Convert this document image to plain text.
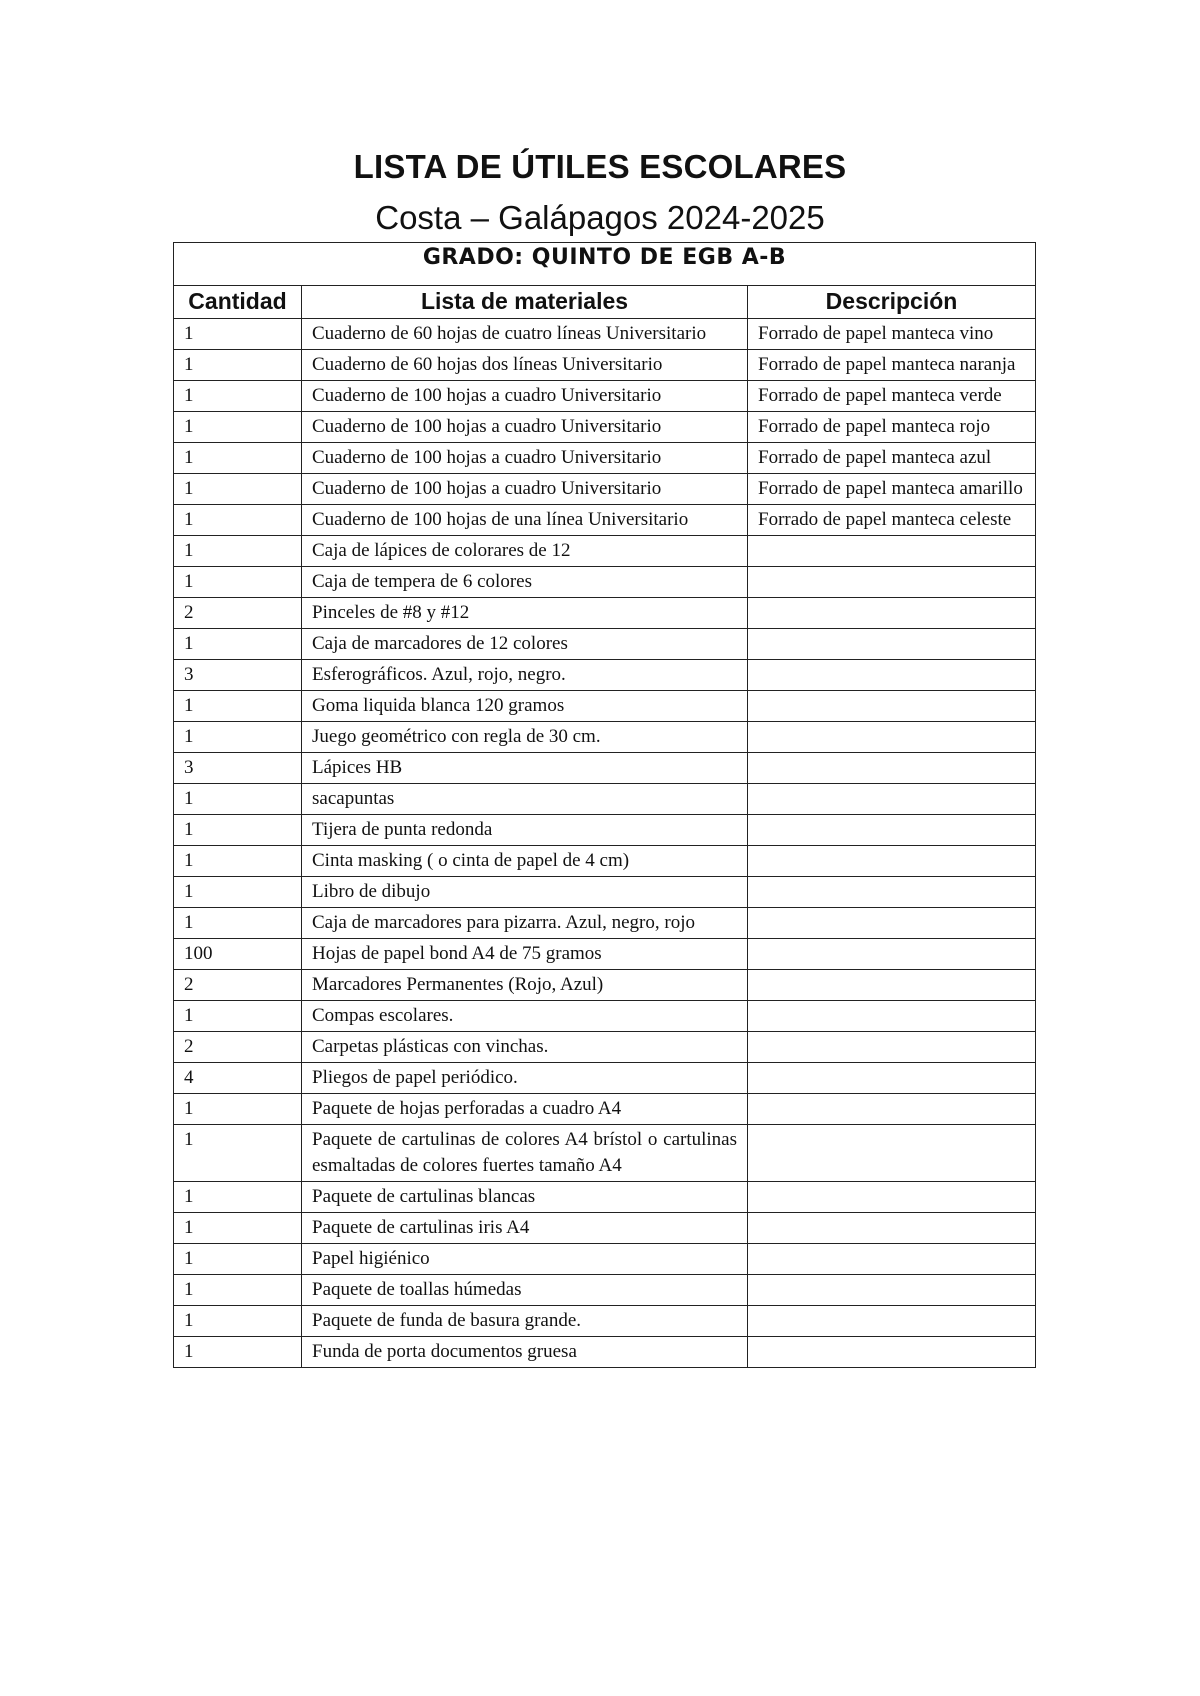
LISTA DE ÚTILES ESCOLARES
Costa – Galápagos 2024-2025
GRADO: QUINTO DE EGB A-B		
Cantidad	Lista de materiales	Descripción
1	Cuaderno de 60 hojas de cuatro líneas Universitario	Forrado de papel manteca vino
1	Cuaderno de 60 hojas dos líneas Universitario	Forrado de papel manteca naranja
1	Cuaderno de 100 hojas a cuadro Universitario	Forrado de papel manteca verde
1	Cuaderno de 100 hojas a cuadro Universitario	Forrado de papel manteca rojo
1	Cuaderno de 100 hojas a cuadro Universitario	Forrado de papel manteca azul
1	Cuaderno de 100 hojas a cuadro Universitario	Forrado de papel manteca amarillo
1	Cuaderno de 100 hojas de una línea Universitario	Forrado de papel manteca celeste
1	Caja de lápices de colorares de 12	
1	Caja de tempera de 6 colores	
2	Pinceles de #8 y #12	
1	Caja de marcadores de 12 colores	
3	Esferográficos. Azul, rojo, negro.	
1	Goma liquida blanca 120 gramos	
1	Juego geométrico con regla de 30 cm.	
3	Lápices HB	
1	sacapuntas	
1	Tijera de punta redonda	
1	Cinta masking ( o cinta de papel de 4 cm)	
1	Libro de dibujo	
1	Caja de marcadores para pizarra. Azul, negro, rojo	
100	Hojas de papel bond A4 de 75 gramos	
2	Marcadores Permanentes (Rojo, Azul)	
1	Compas escolares.	
2	Carpetas plásticas con vinchas.	
4	Pliegos de papel periódico.	
1	Paquete de hojas perforadas a cuadro A4	
1	Paquete de cartulinas de colores A4 brístol o cartulinas esmaltadas de colores fuertes tamaño A4	
1	Paquete de cartulinas blancas	
1	Paquete de cartulinas iris A4	
1	Papel higiénico	
1	Paquete de toallas húmedas	
1	Paquete de funda de basura grande.	
1	Funda de porta documentos gruesa	
